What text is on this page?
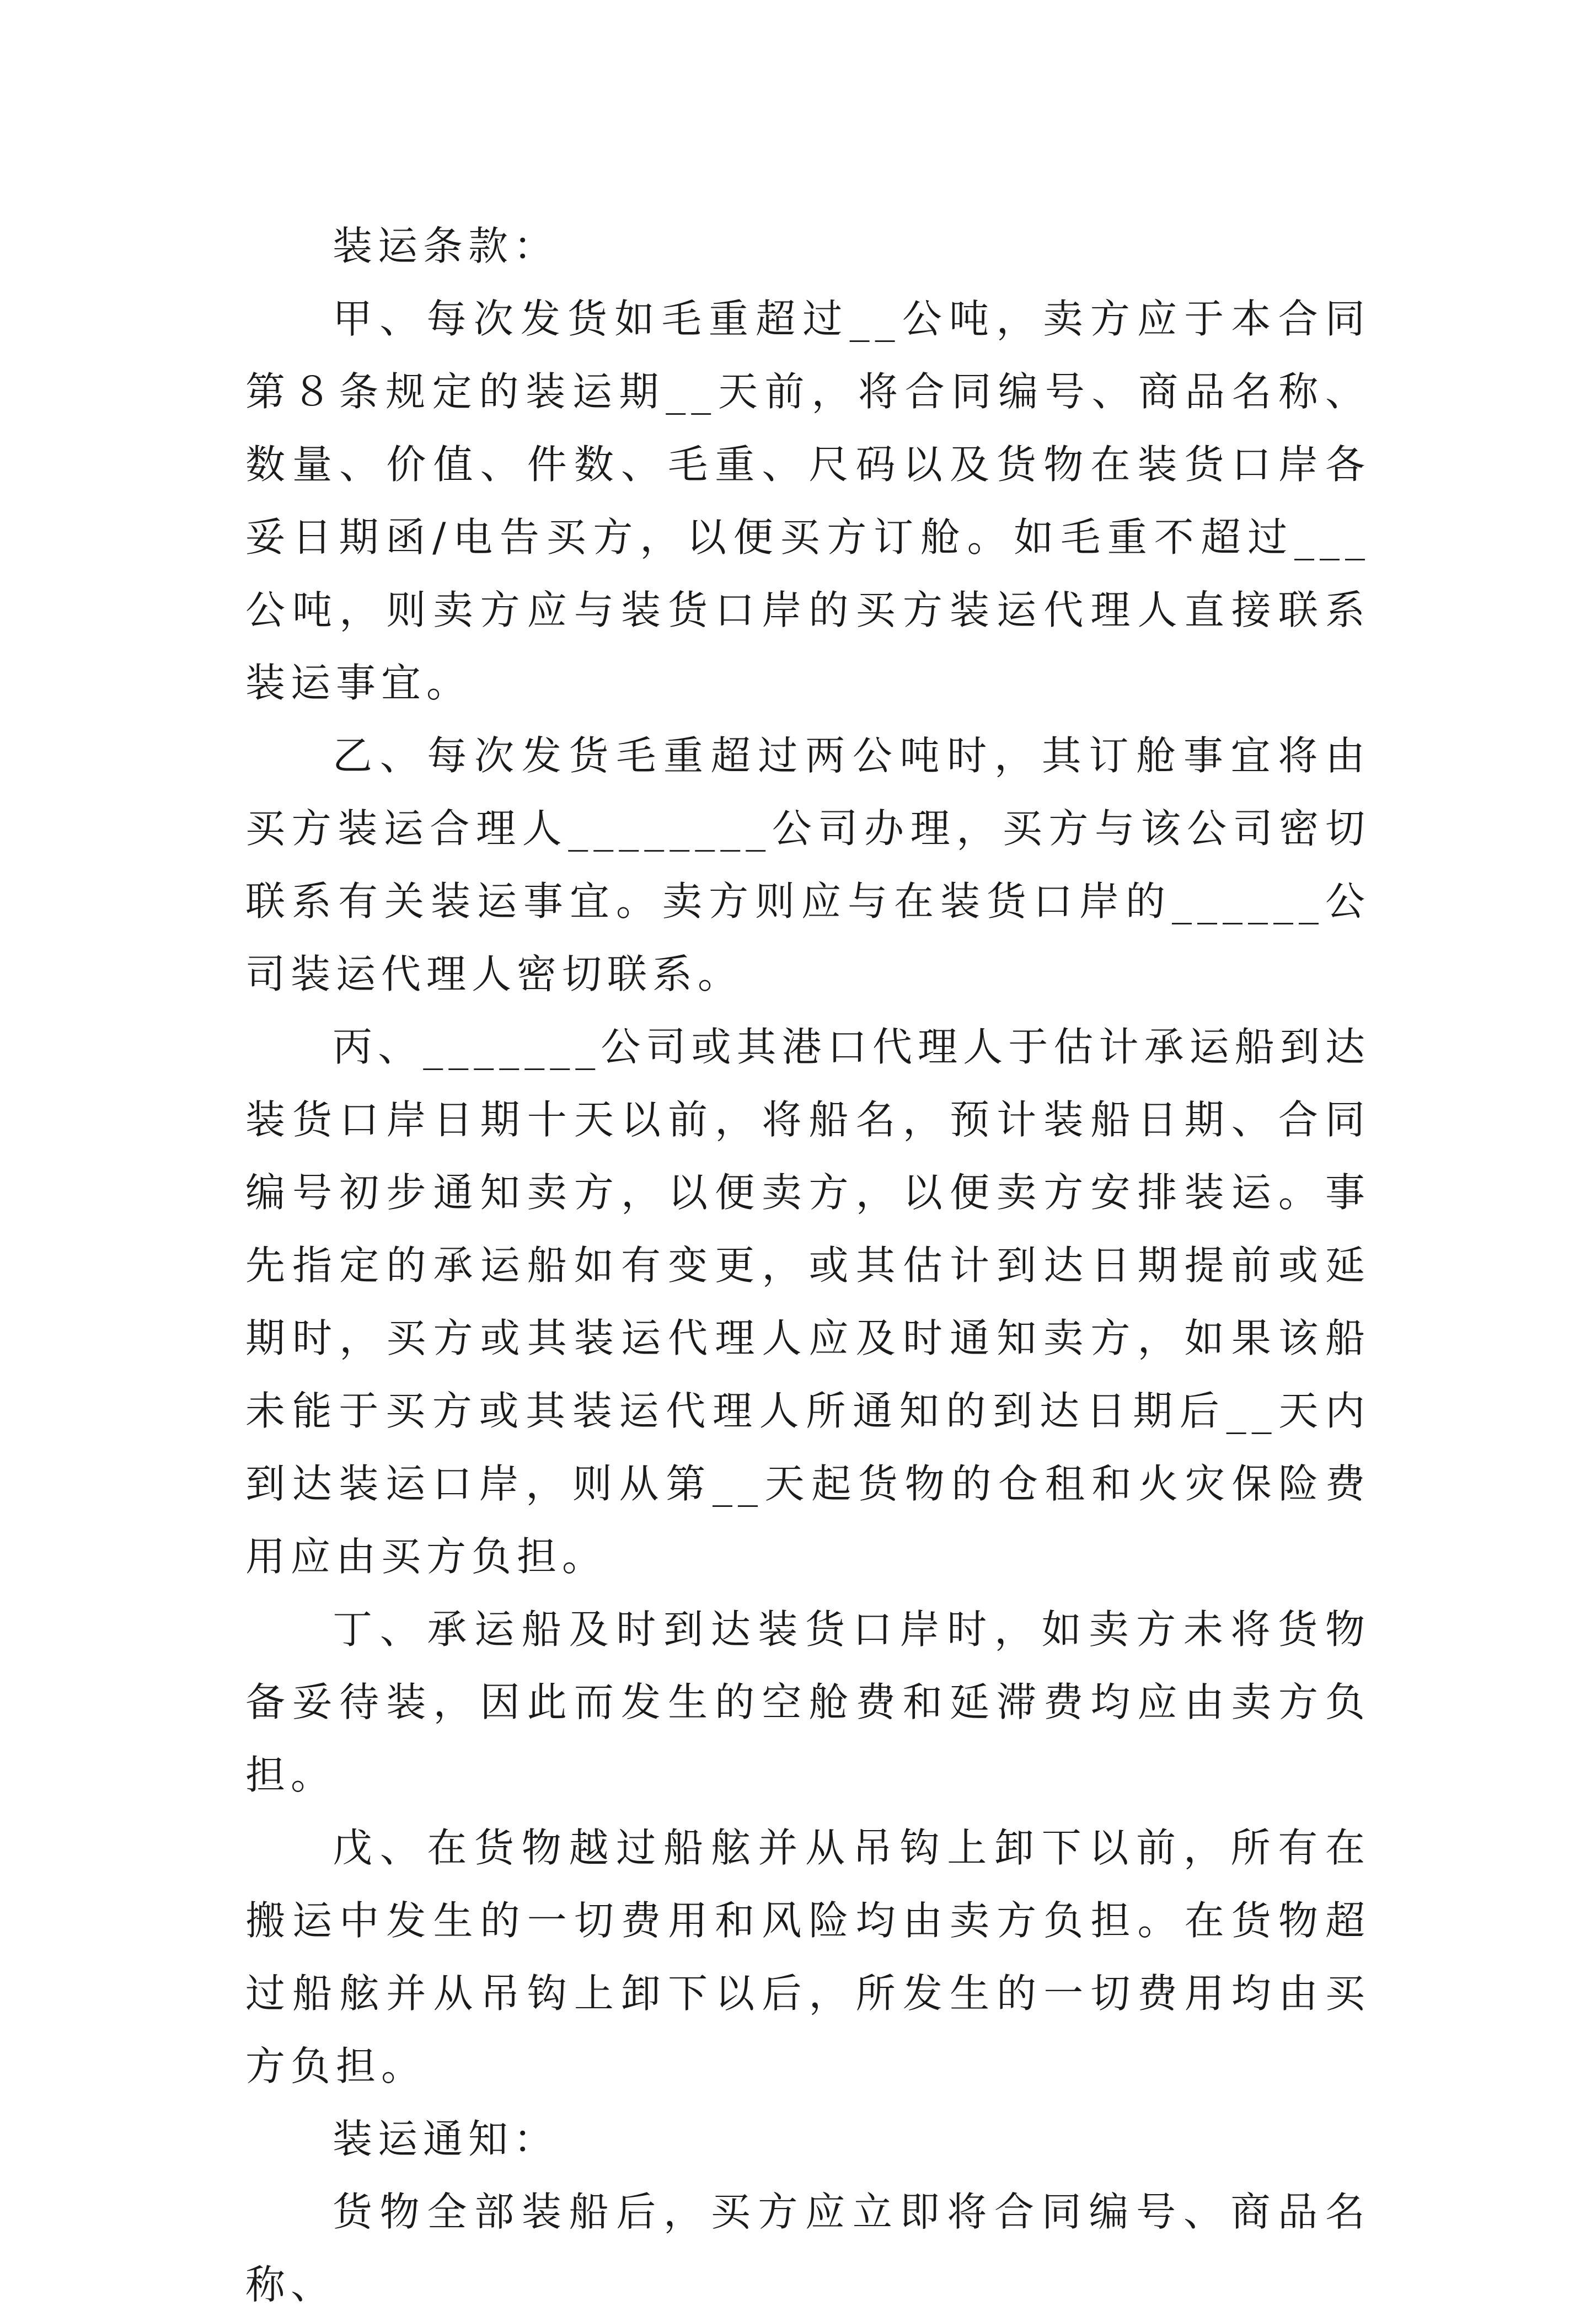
装运条款：

甲、每次发货如毛重超过__公吨，卖方应于本合同第８条规定的装运期__天前，将合同编号、商品名称、数量、价值、件数、毛重、尺码以及货物在装货口岸各妥日期函/电告买方，以便买方订舱。如毛重不超过___公吨，则卖方应与装货口岸的买方装运代理人直接联系装运事宜。

乙、每次发货毛重超过两公吨时，其订舱事宜将由买方装运合理人________公司办理，买方与该公司密切联系有关装运事宜。卖方则应与在装货口岸的______公司装运代理人密切联系。

丙、_______公司或其港口代理人于估计承运船到达装货口岸日期十天以前，将船名，预计装船日期、合同编号初步通知卖方，以便卖方，以便卖方安排装运。事先指定的承运船如有变更，或其估计到达日期提前或延期时，买方或其装运代理人应及时通知卖方，如果该船未能于买方或其装运代理人所通知的到达日期后__天内到达装运口岸，则从第__天起货物的仓租和火灾保险费用应由买方负担。

丁、承运船及时到达装货口岸时，如卖方未将货物备妥待装，因此而发生的空舱费和延滞费均应由卖方负担。

戊、在货物越过船舷并从吊钩上卸下以前，所有在搬运中发生的一切费用和风险均由卖方负担。在货物超过船舷并从吊钩上卸下以后，所发生的一切费用均由买方负担。

装运通知：

货物全部装船后，买方应立即将合同编号、商品名称、
